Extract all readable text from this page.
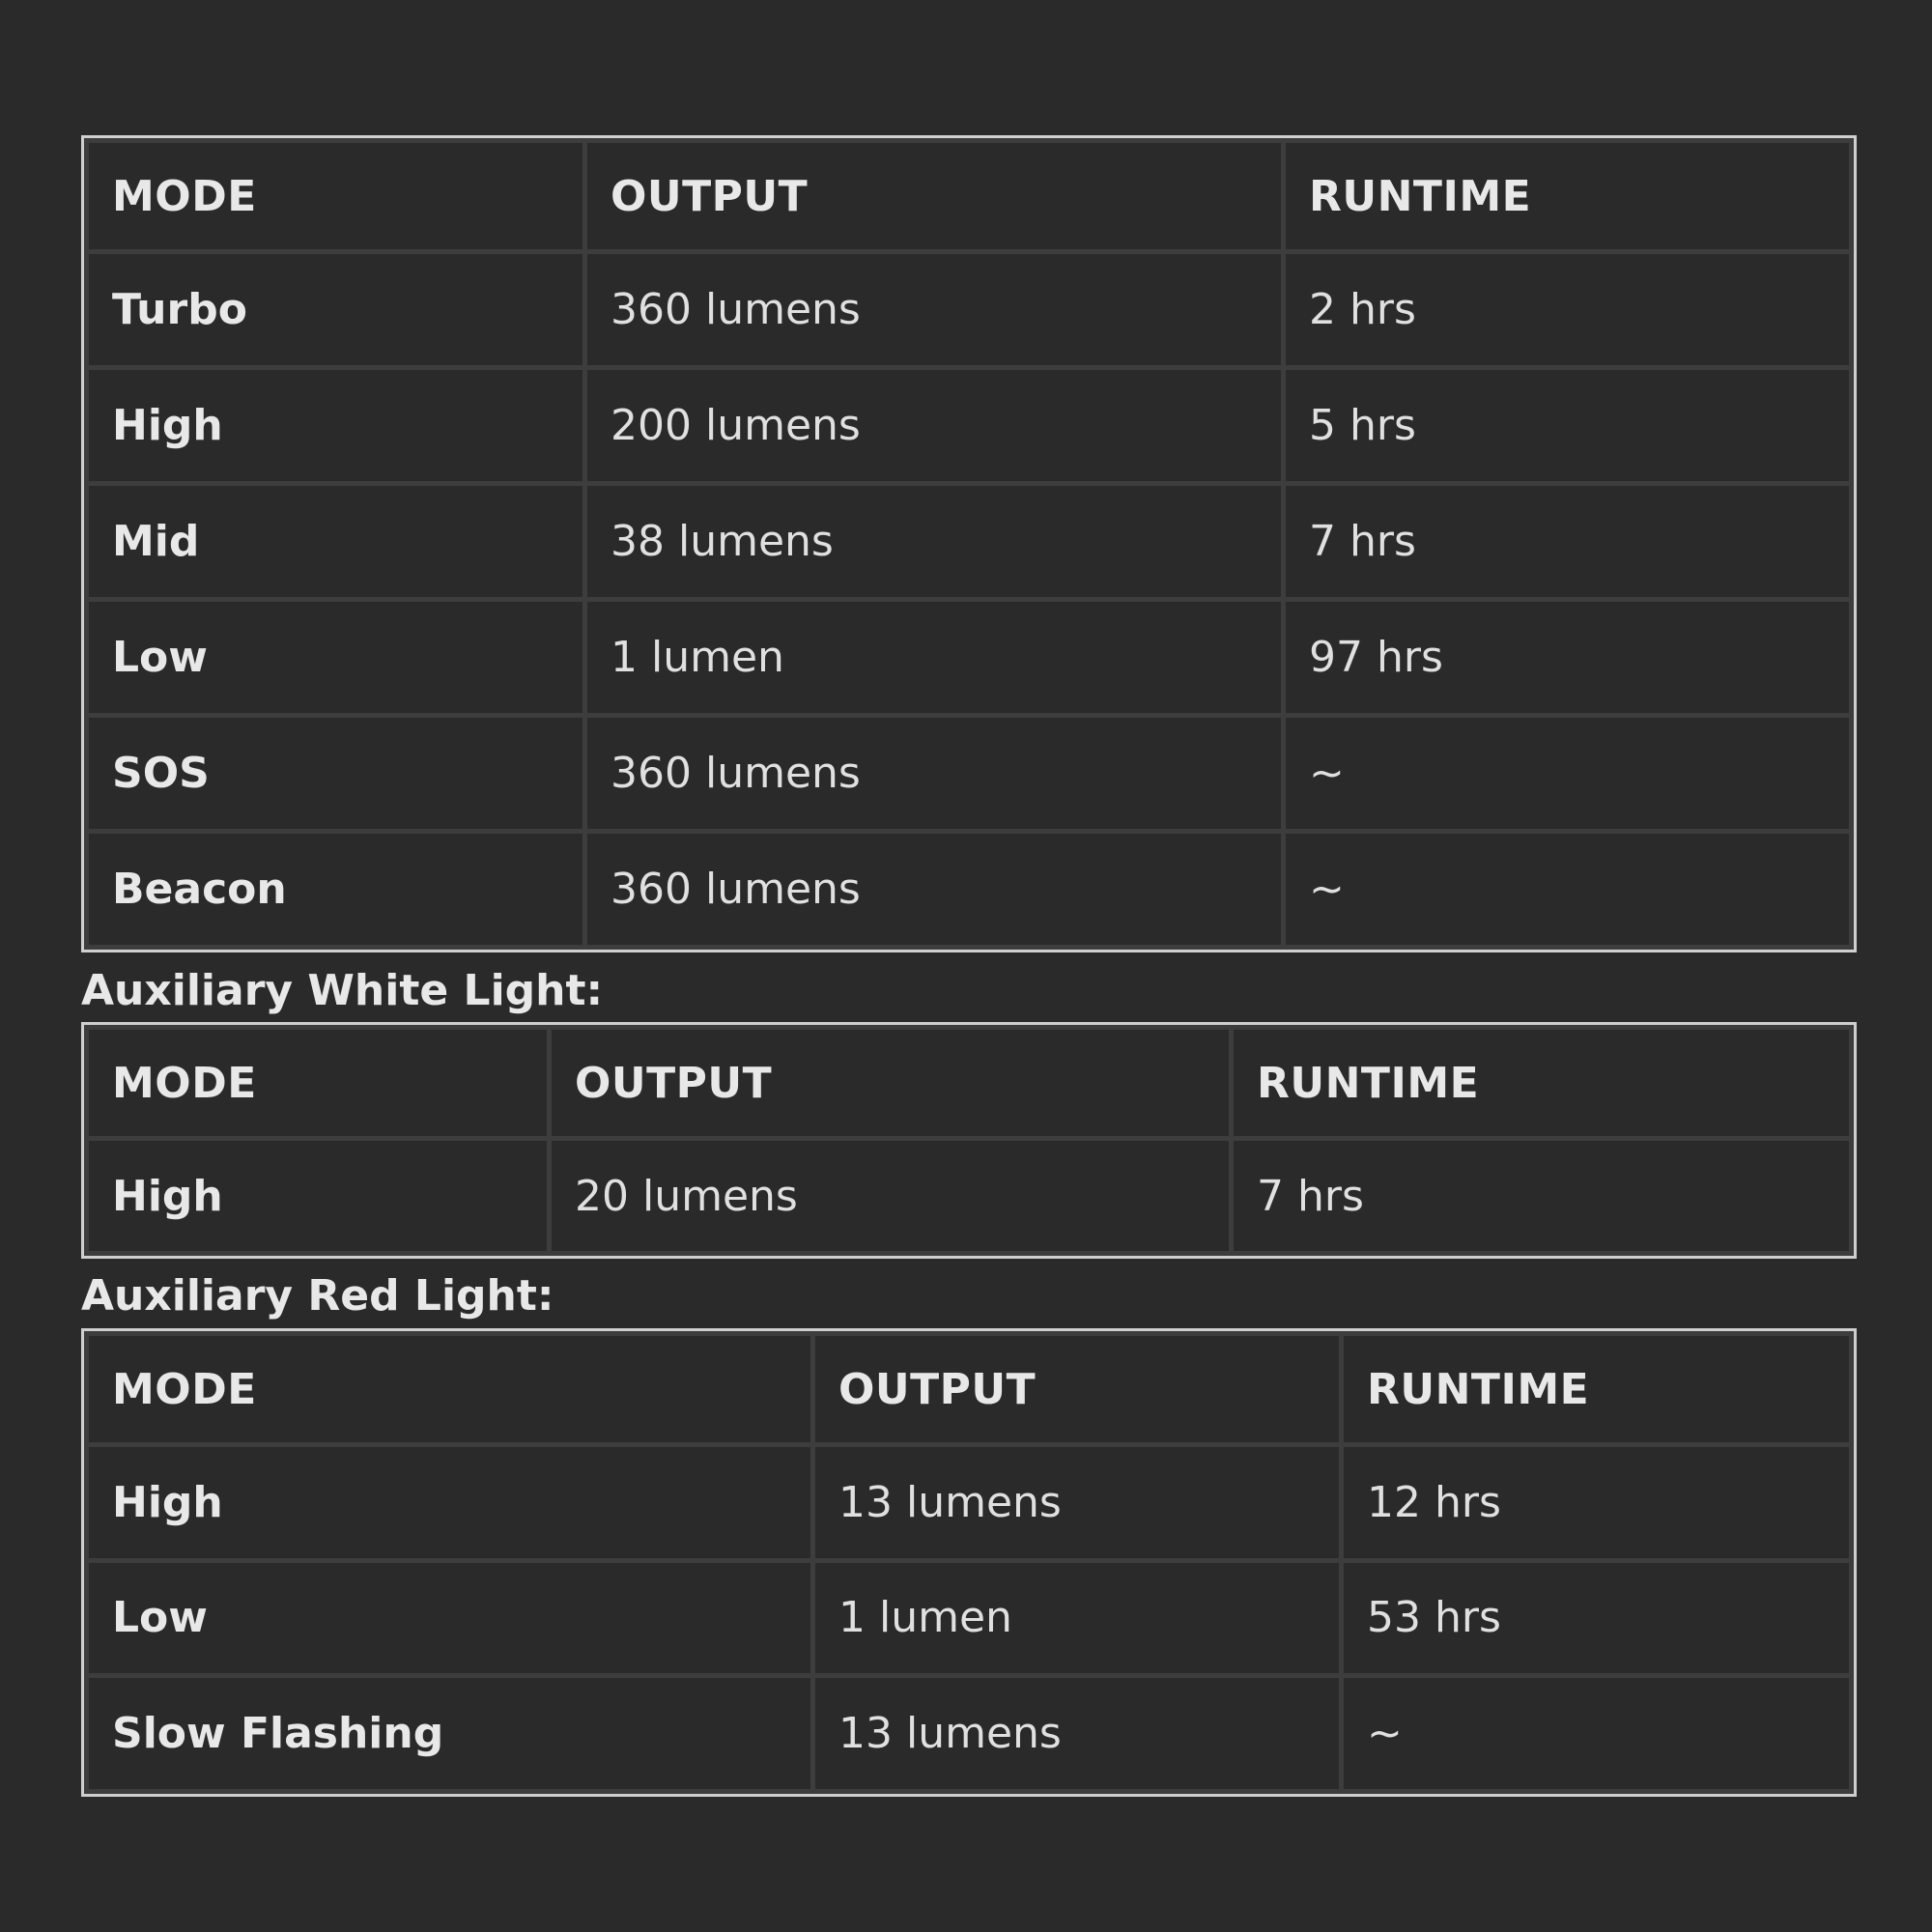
MODE	OUTPUT	RUNTIME
Turbo	360 lumens	2 hrs
High	200 lumens	5 hrs
Mid	38 lumens	7 hrs
Low	1 lumen	97 hrs
SOS	360 lumens	~
Beacon	360 lumens	~
Auxiliary White Light:
MODE	OUTPUT	RUNTIME
High	20 lumens	7 hrs
Auxiliary Red Light:
MODE	OUTPUT	RUNTIME
High	13 lumens	12 hrs
Low	1 lumen	53 hrs
Slow Flashing	13 lumens	~
